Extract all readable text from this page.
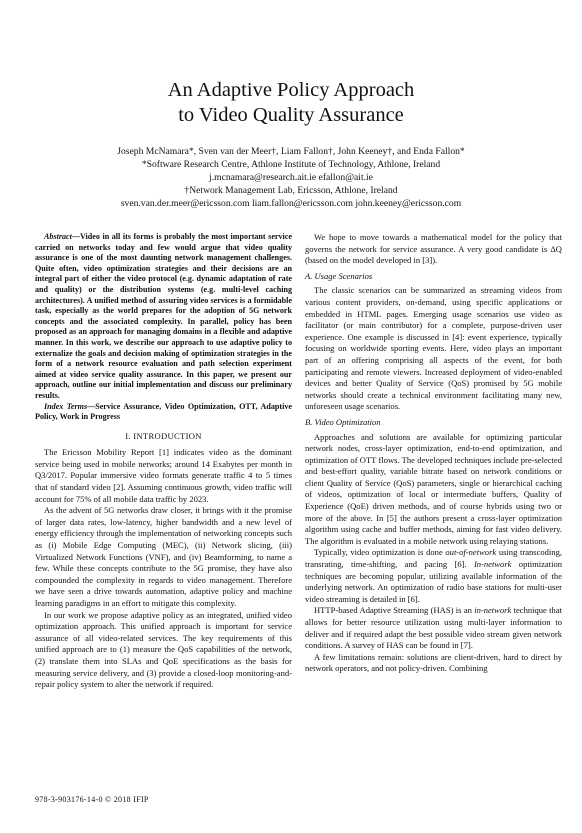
An Adaptive Policy Approach
to Video Quality Assurance
Joseph McNamara*, Sven van der Meer†, Liam Fallon†, John Keeney†, and Enda Fallon*
*Software Research Centre, Athlone Institute of Technology, Athlone, Ireland
j.mcnamara@research.ait.ie efallon@ait.ie
†Network Management Lab, Ericsson, Athlone, Ireland
sven.van.der.meer@ericsson.com liam.fallon@ericsson.com john.keeney@ericsson.com

Abstract—Video in all its forms is probably the most important service carried on networks today and few would argue that video quality assurance is one of the most daunting network management challenges. Quite often, video optimization strategies and their decisions are an integral part of either the video protocol (e.g. dynamic adaptation of rate and quality) or the distribution systems (e.g. multi-level caching architectures). A unified method of assuring video services is a formidable task, especially as the world prepares for the adoption of 5G network concepts and the associated complexity. In parallel, policy has been proposed as an approach for managing domains in a flexible and adaptive manner. In this work, we describe our approach to use adaptive policy to externalize the goals and decision making of optimization strategies in the form of a network resource evaluation and path selection experiment aimed at video service quality assurance. In this paper, we present our approach, outline our initial implementation and discuss our preliminary results.

Index Terms—Service Assurance, Video Optimization, OTT, Adaptive Policy, Work in Progress

I. INTRODUCTION

The Ericsson Mobility Report [1] indicates video as the dominant service being used in mobile networks; around 14 Exabytes per month in Q3/2017. Popular immersive video formats generate traffic 4 to 5 times that of standard video [2]. Assuming continuous growth, video traffic will account for 75% of all mobile data traffic by 2023.

As the advent of 5G networks draw closer, it brings with it the promise of larger data rates, low-latency, higher bandwidth and a new level of energy efficiency through the implementation of networking concepts such as (i) Mobile Edge Computing (MEC), (ii) Network slicing, (iii) Virtualized Network Functions (VNF), and (iv) Beamforming, to name a few. While these concepts contribute to the 5G promise, they have also compounded the complexity in regards to video management. Therefore we have seen a drive towards automation, adaptive policy and machine learning paradigms in an effort to mitigate this complexity.

In our work we propose adaptive policy as an integrated, unified video optimization approach. This unified approach is important for service assurance of all video-related services. The key requirements of this unified approach are to (1) measure the QoS capabilities of the network, (2) translate them into SLAs and QoE specifications as the basis for measuring service delivery, and (3) provide a closed-loop monitoring-and-repair policy system to alter the network if required.

We hope to move towards a mathematical model for the policy that governs the network for service assurance. A very good candidate is ΔQ (based on the model developed in [3]).

A. Usage Scenarios

The classic scenarios can be summarized as streaming videos from various content providers, on-demand, using specific applications or embedded in HTML pages. Emerging usage scenarios use video as facilitator (or main contributor) for a complete, purpose-driven user experience. One example is discussed in [4]: event experience, typically focusing on worldwide sporting events. Here, video plays an important part of an offering comprising all aspects of the event, for both participating and remote viewers. Increased deployment of video-enabled devices and better Quality of Service (QoS) promised by 5G mobile networks should create a technical environment facilitating many new, unforeseen usage scenarios.

B. Video Optimization

Approaches and solutions are available for optimizing particular network nodes, cross-layer optimization, end-to-end optimization, and optimization of OTT flows. The developed techniques include pre-selected and best-effort quality, variable bitrate based on network conditions or client Quality of Service (QoS) parameters, single or hierarchical caching of videos, optimization of local or intermediate buffers, Quality of Experience (QoE) driven methods, and of course hybrids using two or more of the above. In [5] the authors present a cross-layer optimization algorithm using cache and buffer methods, aiming for fast video delivery. The algorithm is evaluated in a mobile network using relaying stations.

Typically, video optimization is done out-of-network using transcoding, transrating, time-shifting, and pacing [6]. In-network optimization techniques are becoming popular, utilizing available information of the underlying network. An optimization of radio base stations for multi-user video streaming is detailed in [6].

HTTP-based Adaptive Streaming (HAS) is an in-network technique that allows for better resource utilization using multi-layer information to deliver and if required adapt the best possible video stream given network conditions. A survey of HAS can be found in [7].

A few limitations remain: solutions are client-driven, hard to direct by network operators, and not policy-driven. Combining

978-3-903176-14-0 © 2018 IFIP
